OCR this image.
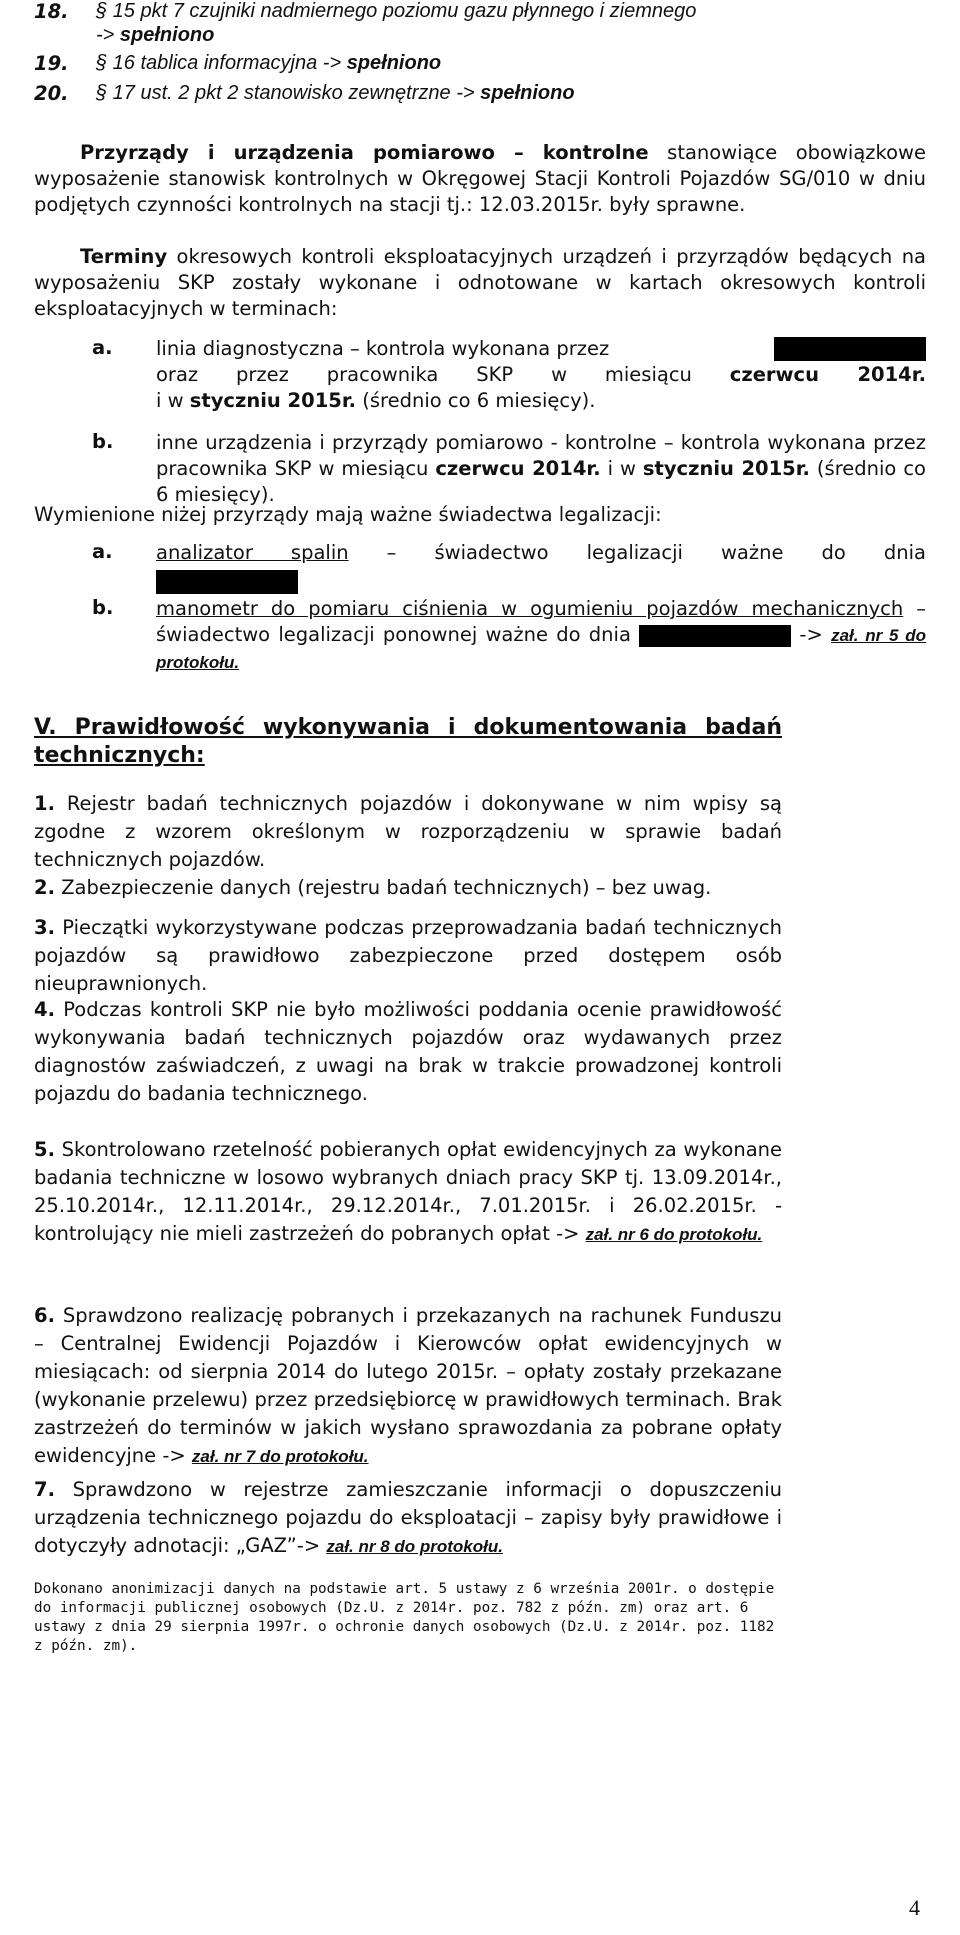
18. § 15 pkt 7 czujniki nadmiernego poziomu gazu płynnego i ziemnego
-> spełniono
19. § 16 tablica informacyjna -> spełniono
20. § 17 ust. 2 pkt 2 stanowisko zewnętrzne -> spełniono

Przyrządy i urządzenia pomiarowo – kontrolne stanowiące obowiązkowe wyposażenie stanowisk kontrolnych w Okręgowej Stacji Kontroli Pojazdów SG/010 w dniu podjętych czynności kontrolnych na stacji tj.: 12.03.2015r. były sprawne.

Terminy okresowych kontroli eksploatacyjnych urządzeń i przyrządów będących na wyposażeniu SKP zostały wykonane i odnotowane w kartach okresowych kontroli eksploatacyjnych w terminach:

a. linia diagnostyczna – kontrola wykonana przez
oraz przez pracownika SKP w miesiącu czerwcu 2014r.
i w styczniu 2015r. (średnio co 6 miesięcy).
b. inne urządzenia i przyrządy pomiarowo - kontrolne – kontrola wykonana przez pracownika SKP w miesiącu czerwcu 2014r. i w styczniu 2015r. (średnio co 6 miesięcy).

Wymienione niżej przyrządy mają ważne świadectwa legalizacji:
a. analizator spalin – świadectwo legalizacji ważne do dnia
b. manometr do pomiaru ciśnienia w ogumieniu pojazdów mechanicznych – świadectwo legalizacji ponownej ważne do dnia	-> zał. nr 5 do protokołu.

V. Prawidłowość wykonywania i dokumentowania badań technicznych:
1. Rejestr badań technicznych pojazdów i dokonywane w nim wpisy są zgodne z wzorem określonym w rozporządzeniu w sprawie badań technicznych pojazdów.
2. Zabezpieczenie danych (rejestru badań technicznych) – bez uwag.
3. Pieczątki wykorzystywane podczas przeprowadzania badań technicznych pojazdów są prawidłowo zabezpieczone przed dostępem osób nieuprawnionych.
4. Podczas kontroli SKP nie było możliwości poddania ocenie prawidłowość wykonywania badań technicznych pojazdów oraz wydawanych przez diagnostów zaświadczeń, z uwagi na brak w trakcie prowadzonej kontroli pojazdu do badania technicznego.
5. Skontrolowano rzetelność pobieranych opłat ewidencyjnych za wykonane badania techniczne w losowo wybranych dniach pracy SKP tj. 13.09.2014r., 25.10.2014r., 12.11.2014r., 29.12.2014r., 7.01.2015r. i 26.02.2015r. - kontrolujący nie mieli zastrzeżeń do pobranych opłat -> zał. nr 6 do protokołu.
6. Sprawdzono realizację pobranych i przekazanych na rachunek Funduszu – Centralnej Ewidencji Pojazdów i Kierowców opłat ewidencyjnych w miesiącach: od sierpnia 2014 do lutego 2015r. – opłaty zostały przekazane (wykonanie przelewu) przez przedsiębiorcę w prawidłowych terminach. Brak zastrzeżeń do terminów w jakich wysłano sprawozdania za pobrane opłaty ewidencyjne -> zał. nr 7 do protokołu.
7. Sprawdzono w rejestrze zamieszczanie informacji o dopuszczeniu urządzenia technicznego pojazdu do eksploatacji – zapisy były prawidłowe i dotyczyły adnotacji: „GAZ”-> zał. nr 8 do protokołu.
Dokonano anonimizacji danych na podstawie art. 5 ustawy z 6 września 2001r. o dostępie do informacji publicznej osobowych (Dz.U. z 2014r. poz. 782 z późn. zm) oraz art. 6 ustawy z dnia 29 sierpnia 1997r. o ochronie danych osobowych (Dz.U. z 2014r. poz. 1182 z późn. zm).
4
